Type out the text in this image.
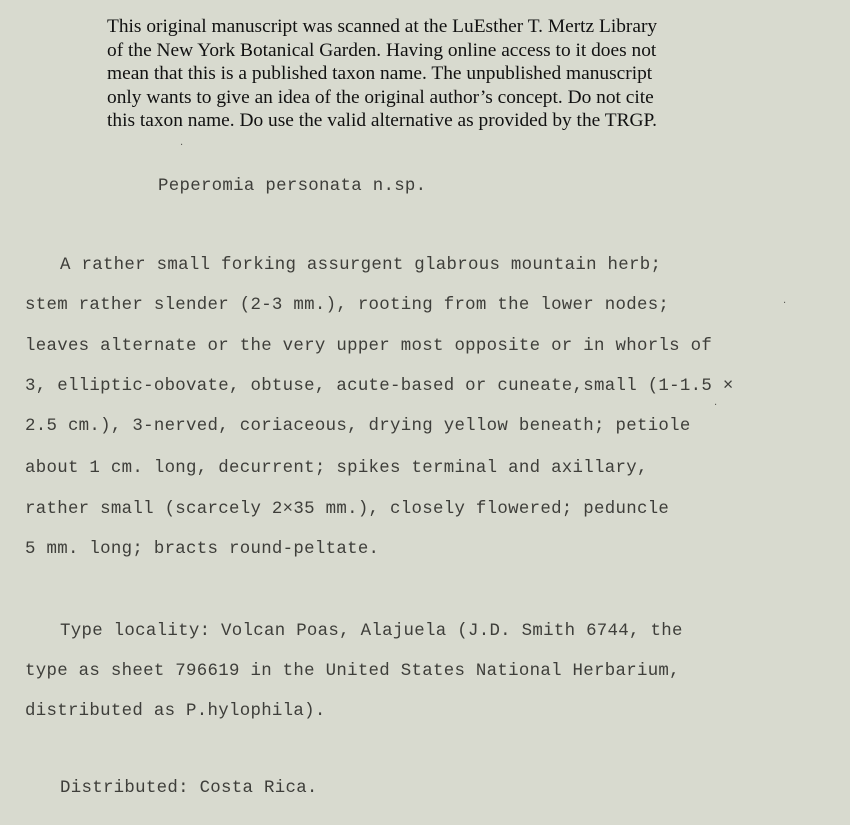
This original manuscript was scanned at the LuEsther T. Mertz Library
of the New York Botanical Garden. Having online access to it does not
mean that this is a published taxon name. The unpublished manuscript
only wants to give an idea of the original author’s concept. Do not cite
this taxon name. Do use the valid alternative as provided by the TRGP.
Peperomia personata n.sp.
A rather small forking assurgent glabrous mountain herb;
stem rather slender (2-3 mm.), rooting from the lower nodes;
leaves alternate or the very upper most opposite or in whorls of
3, elliptic-obovate, obtuse, acute-based or cuneate,small (1-1.5 ×
2.5 cm.), 3-nerved, coriaceous, drying yellow beneath; petiole
about 1 cm. long, decurrent; spikes terminal and axillary,
rather small (scarcely 2×35 mm.), closely flowered; peduncle
5 mm. long; bracts round-peltate.
Type locality: Volcan Poas, Alajuela (J.D. Smith 6744, the
type as sheet 796619 in the United States National Herbarium,
distributed as P.hylophila).
Distributed: Costa Rica.
·
·
·
